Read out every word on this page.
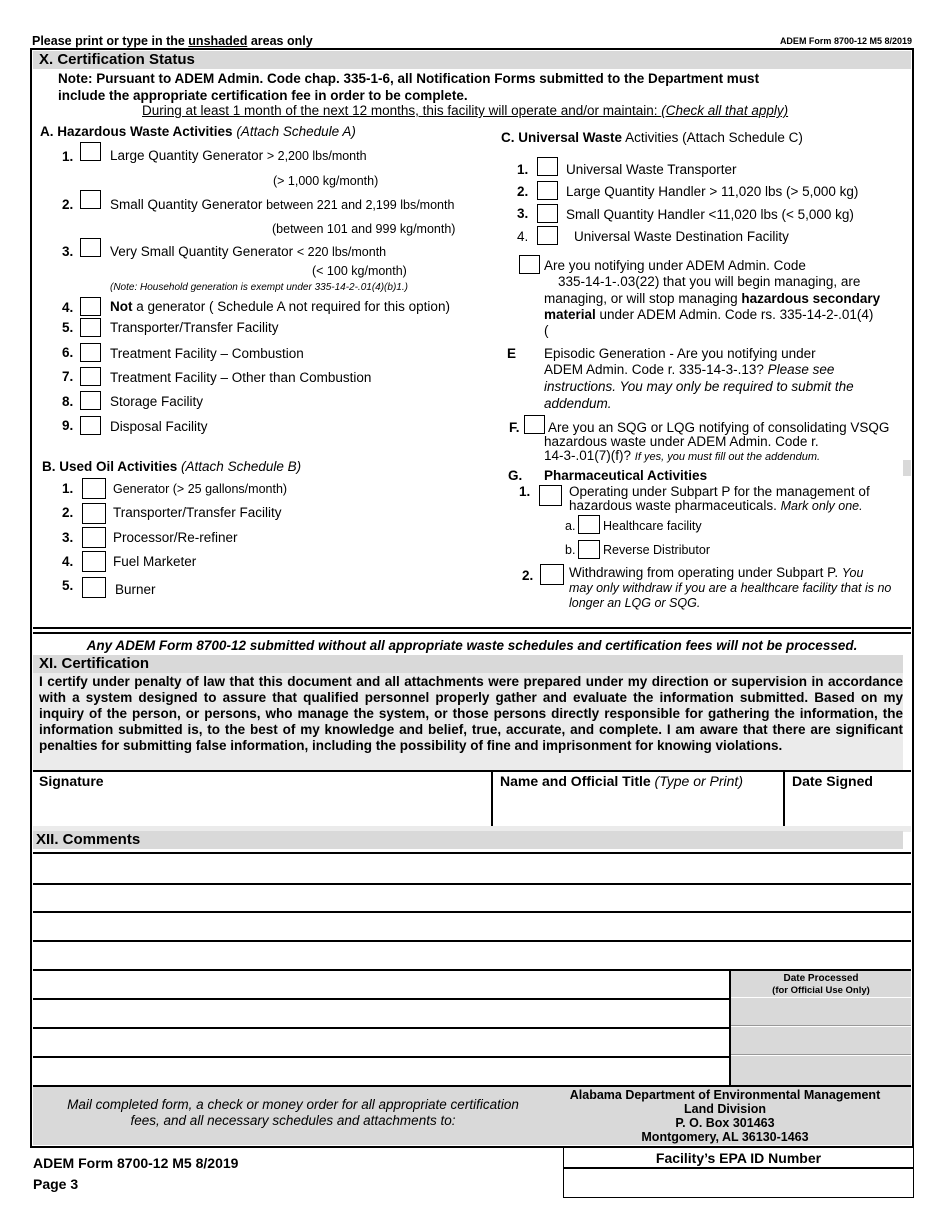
Please print or type in the unshaded areas only	ADEM Form 8700-12 M5 8/2019
X. Certification Status
Note: Pursuant to ADEM Admin. Code chap. 335-1-6, all Notification Forms submitted to the Department must
include the appropriate certification fee in order to be complete.
During at least 1 month of the next 12 months, this facility will operate and/or maintain: (Check all that apply)
A. Hazardous Waste Activities (Attach Schedule A)
1.	Large Quantity Generator > 2,200 lbs/month
(> 1,000 kg/month)
2.	Small Quantity Generator between 221 and 2,199 lbs/month
(between 101 and 999 kg/month)
3.	Very Small Quantity Generator < 220 lbs/month
(< 100 kg/month)
(Note: Household generation is exempt under 335-14-2-.01(4)(b)1.)
4.	Not a generator ( Schedule A not required for this option)
5.	Transporter/Transfer Facility
6.	Treatment Facility – Combustion
7.	Treatment Facility – Other than Combustion
8.	Storage Facility
9.	Disposal Facility
B. Used Oil Activities (Attach Schedule B)
1.	Generator (> 25 gallons/month)
2.	Transporter/Transfer Facility
3.	Processor/Re-refiner
4.	Fuel Marketer
5.	Burner
C. Universal Waste Activities (Attach Schedule C)
1.	Universal Waste Transporter
2.	Large Quantity Handler > 11,020 lbs (> 5,000 kg)
3.	Small Quantity Handler <11,020 lbs (< 5,000 kg)
4.	Universal Waste Destination Facility
Are you notifying under ADEM Admin. Code
335-14-1-.03(22) that you will begin managing, are
managing, or will stop managing hazardous secondary
material under ADEM Admin. Code rs. 335-14-2-.01(4)
(
E Episodic Generation - Are you notifying under
ADEM Admin. Code r. 335-14-3-.13? Please see
instructions. You may only be required to submit the
addendum.
F. Are you an SQG or LQG notifying of consolidating VSQG
hazardous waste under ADEM Admin. Code r.
14-3-.01(7)(f)? If yes, you must fill out the addendum.
G. Pharmaceutical Activities
1.	Operating under Subpart P for the management of
hazardous waste pharmaceuticals. Mark only one.
a. Healthcare facility
b. Reverse Distributor
2.	Withdrawing from operating under Subpart P. You
may only withdraw if you are a healthcare facility that is no
longer an LQG or SQG.
Any ADEM Form 8700-12 submitted without all appropriate waste schedules and certification fees will not be processed.
XI. Certification
I certify under penalty of law that this document and all attachments were prepared under my direction or supervision in accordance with a system designed to assure that qualified personnel properly gather and evaluate the information submitted. Based on my inquiry of the person, or persons, who manage the system, or those persons directly responsible for gathering the information, the information submitted is, to the best of my knowledge and belief, true, accurate, and complete. I am aware that there are significant penalties for submitting false information, including the possibility of fine and imprisonment for knowing violations.
Signature	Name and Official Title (Type or Print)	Date Signed
XII. Comments
Date Processed
(for Official Use Only)
Mail completed form, a check or money order for all appropriate certification
fees, and all necessary schedules and attachments to:
Alabama Department of Environmental Management
Land Division
P. O. Box 301463
Montgomery, AL 36130-1463
ADEM Form 8700-12 M5 8/2019
Page 3
Facility’s EPA ID Number
